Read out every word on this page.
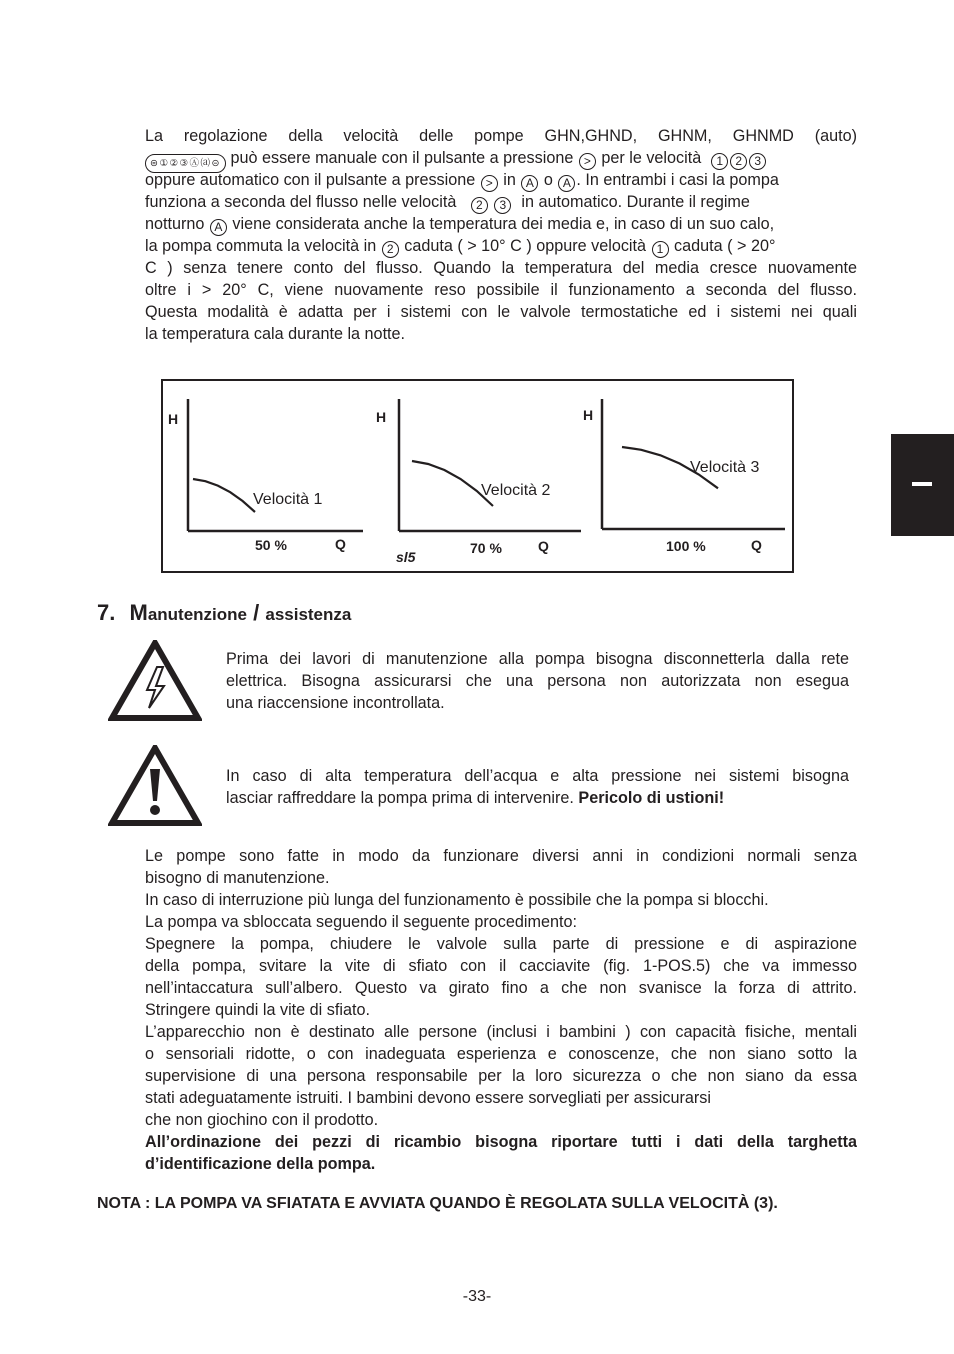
La regolazione della velocità delle pompe GHN,GHND, GHNM, GHNMD (auto)
⊜①②③Ⓐ⒜⊝ può essere manuale con il pulsante a pressione > per le velocità 1 2 3
oppure automatico con il pulsante a pressione > in A o A . In entrambi i casi la pompa
funziona a seconda del flusso nelle velocità 2 3 in automatico. Durante il regime
notturno A viene considerata anche la temperatura dei media e, in caso di un suo calo,
la pompa commuta la velocità in 2 caduta ( > 10° C ) oppure velocità 1 caduta ( > 20°
C ) senza tenere conto del flusso. Quando la temperatura del media cresce nuovamente
oltre i > 20° C, viene nuovamente reso possibile il funzionamento a seconda del flusso.
Questa modalità è adatta per i sistemi con le valvole termostatiche ed i sistemi nei quali
la temperatura cala durante la notte.
H
Q
50 %
Velocità 1
H
Q
70 %
Velocità 2
H
Q
100 %
Velocità 3
sl5
7. Manutenzione / assistenza
Prima dei lavori di manutenzione alla pompa bisogna disconnetterla dalla rete
elettrica. Bisogna assicurarsi che una persona non autorizzata non esegua
una riaccensione incontrollata.
In caso di alta temperatura dell’acqua e alta pressione nei sistemi bisogna
lasciar raffreddare la pompa prima di intervenire. Pericolo di ustioni!
Le pompe sono fatte in modo da funzionare diversi anni in condizioni normali senza
bisogno di manutenzione.
In caso di interruzione più lunga del funzionamento è possibile che la pompa si blocchi.
La pompa va sbloccata seguendo il seguente procedimento:
Spegnere la pompa, chiudere le valvole sulla parte di pressione e di aspirazione
della pompa, svitare la vite di sfiato con il cacciavite (fig. 1-POS.5) che va immesso
nell’intaccatura sull’albero. Questo va girato fino a che non svanisce la forza di attrito.
Stringere quindi la vite di sfiato.
L’apparecchio non è destinato alle persone (inclusi i bambini ) con capacità fisiche, mentali
o sensoriali ridotte, o con inadeguata esperienza e conoscenze, che non siano sotto la
supervisione di una persona responsabile per la loro sicurezza o che non siano da essa
stati adeguatamente istruiti. I bambini devono essere sorvegliati per assicurarsi
che non giochino con il prodotto.
All’ordinazione dei pezzi di ricambio bisogna riportare tutti i dati della targhetta
d’identificazione della pompa.
NOTA : LA POMPA VA SFIATATA E AVVIATA QUANDO È REGOLATA SULLA VELOCITÀ (3).
-33-
